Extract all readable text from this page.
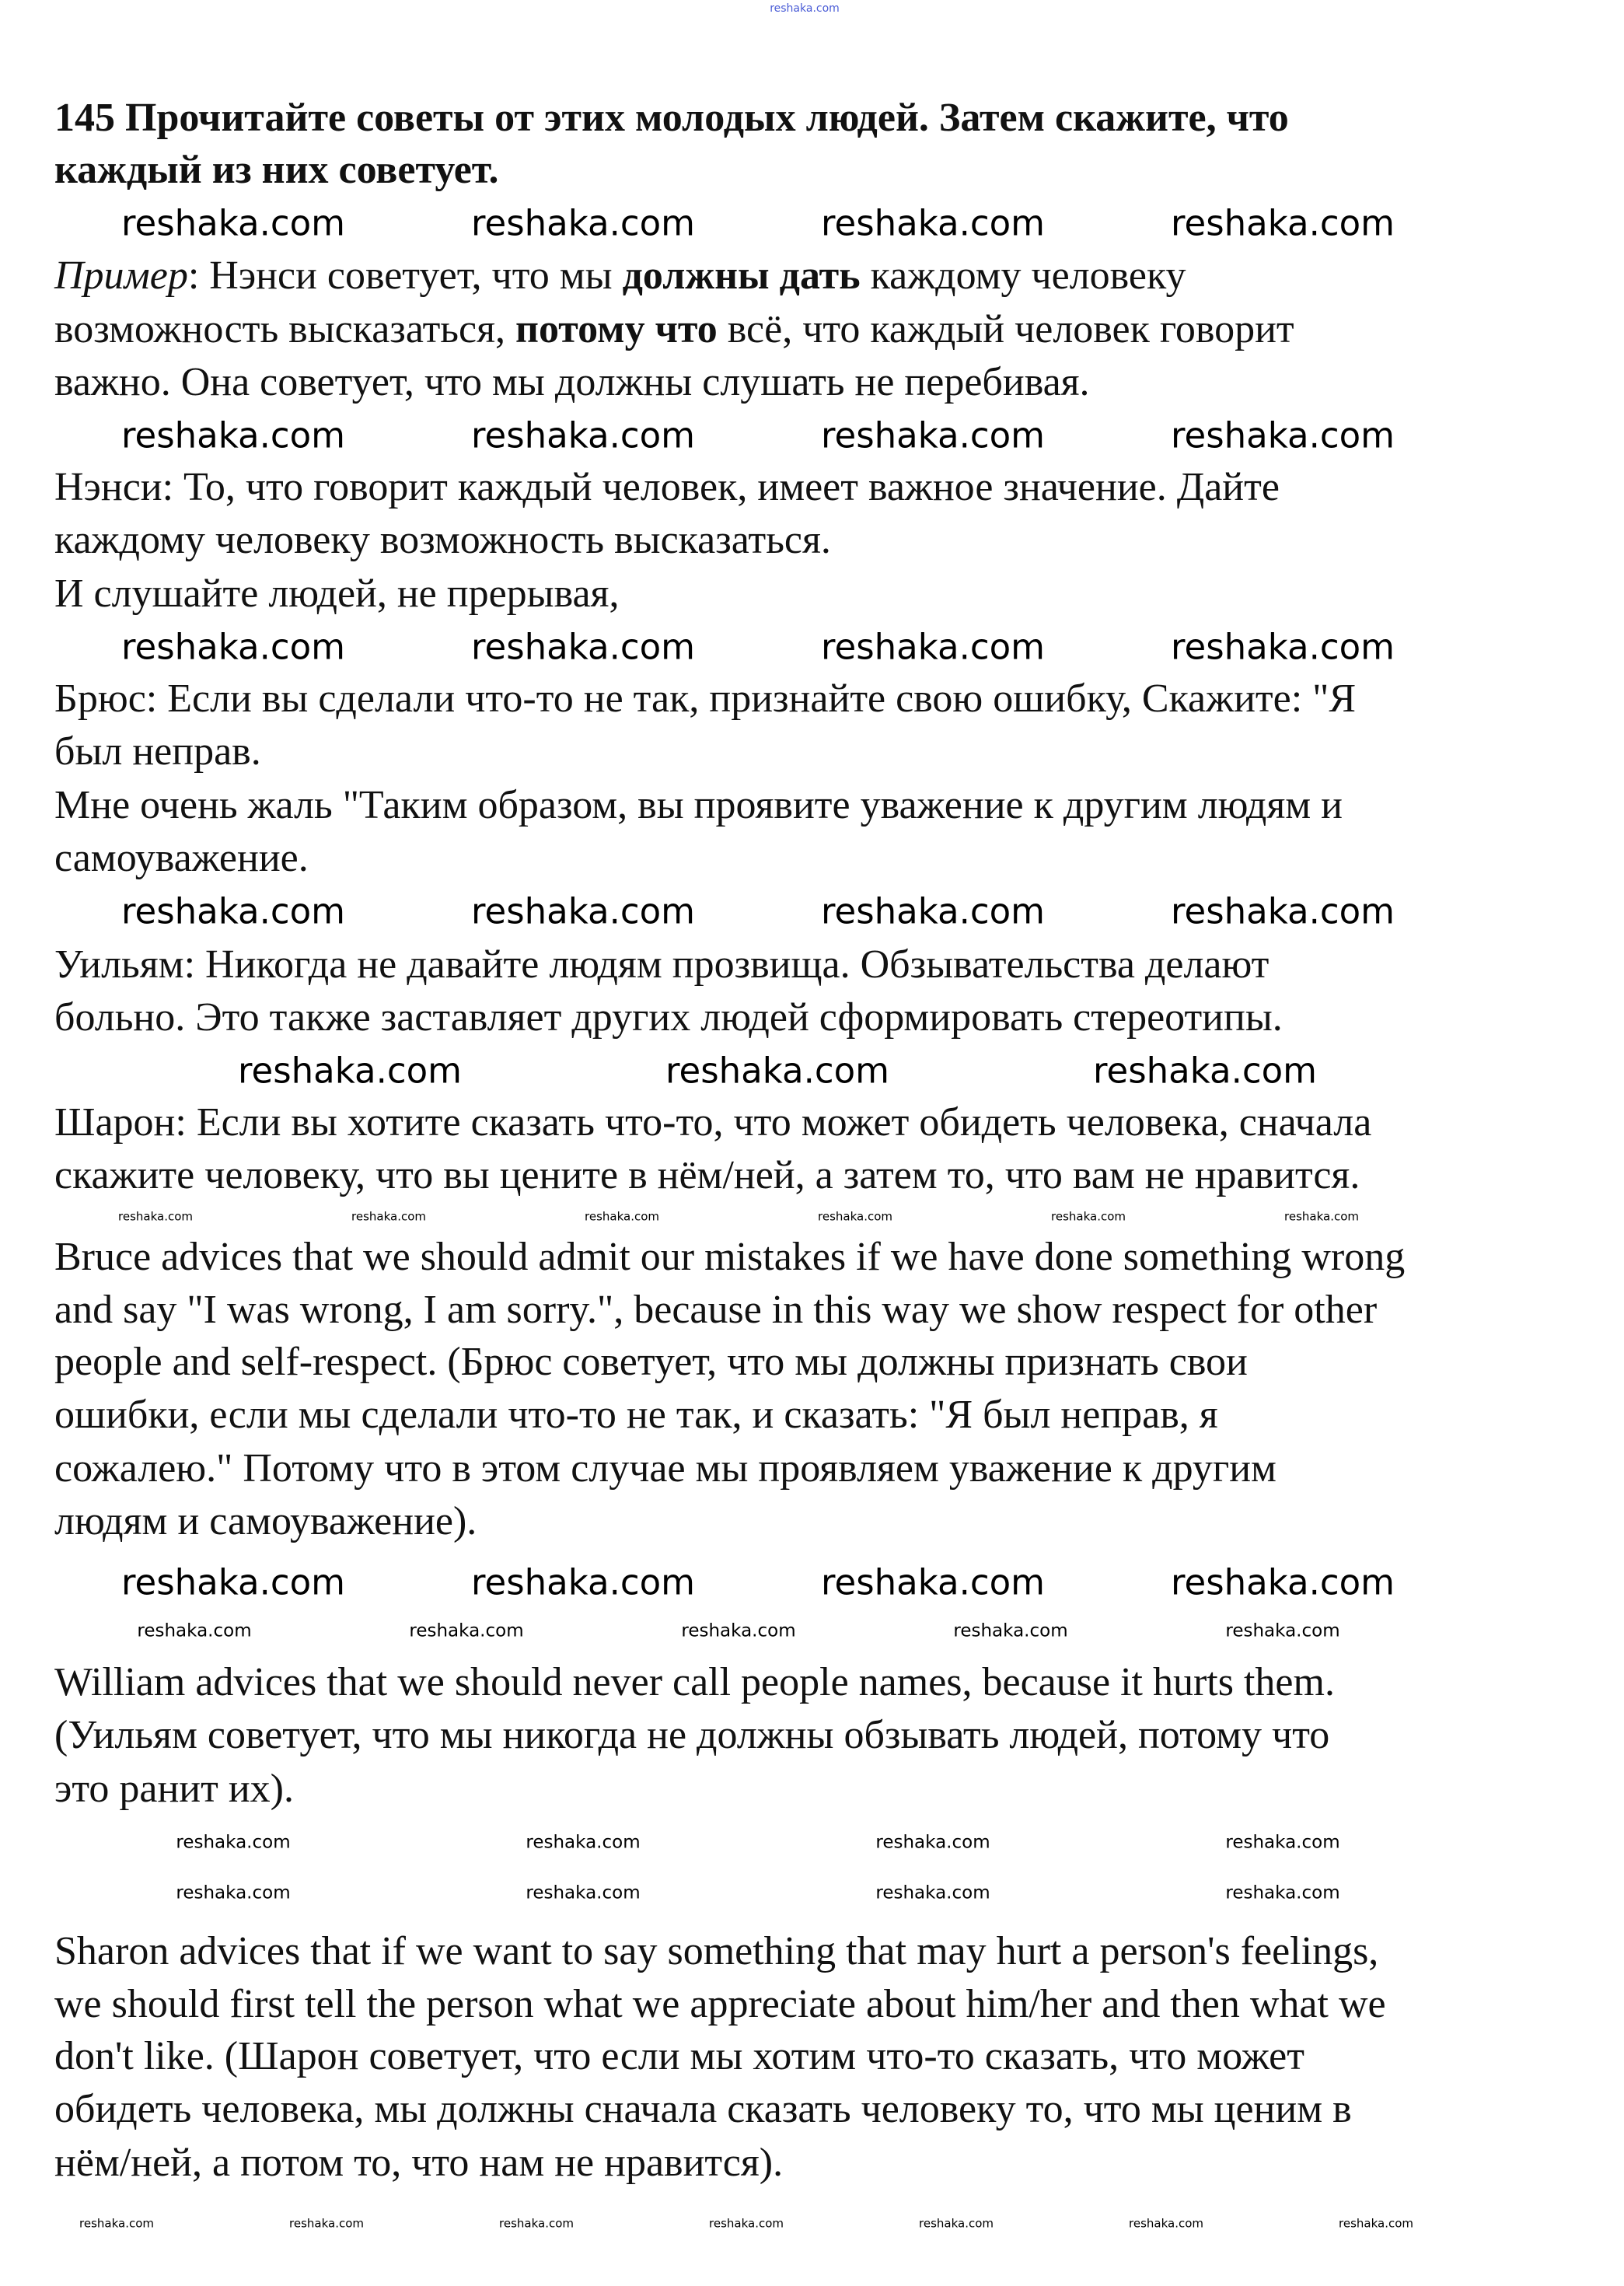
145 Прочитайте советы от этих молодых людей. Затем скажите, что
каждый из них советует.
Пример: Нэнси советует, что мы должны дать каждому человеку
возможность высказаться, потому что всё, что каждый человек говорит
важно. Она советует, что мы должны слушать не перебивая.
Нэнси: То, что говорит каждый человек, имеет важное значение. Дайте
каждому человеку возможность высказаться.
И слушайте людей, не прерывая,
Брюс: Если вы сделали что-то не так, признайте свою ошибку, Скажите: "Я
был неправ.
Мне очень жаль "Таким образом, вы проявите уважение к другим людям и
самоуважение.
Уильям: Никогда не давайте людям прозвища. Обзывательства делают
больно. Это также заставляет других людей сформировать стереотипы.
Шарон: Если вы хотите сказать что-то, что может обидеть человека, сначала
скажите человеку, что вы цените в нём/ней, а затем то, что вам не нравится.
Bruce advices that we should admit our mistakes if we have done something wrong
and say "I was wrong, I am sorry.", because in this way we show respect for other
people and self-respect. (Брюс советует, что мы должны признать свои
ошибки, если мы сделали что-то не так, и сказать: "Я был неправ, я
сожалею." Потому что в этом случае мы проявляем уважение к другим
людям и самоуважение).
William advices that we should never call people names, because it hurts them.
(Уильям советует, что мы никогда не должны обзывать людей, потому что
это ранит их).
Sharon advices that if we want to say something that may hurt a person's feelings,
we should first tell the person what we appreciate about him/her and then what we
don't like. (Шарон советует, что если мы хотим что-то сказать, что может
обидеть человека, мы должны сначала сказать человеку то, что мы ценим в
нём/ней, а потом то, что нам не нравится).
reshaka.com	reshaka.com	reshaka.com	reshaka.com
reshaka.com	reshaka.com	reshaka.com	reshaka.com
reshaka.com	reshaka.com	reshaka.com	reshaka.com
reshaka.com	reshaka.com	reshaka.com	reshaka.com
reshaka.com	reshaka.com	reshaka.com
reshaka.com	reshaka.com	reshaka.com	reshaka.com
reshaka.com	reshaka.com	reshaka.com	reshaka.com	reshaka.com
reshaka.com	reshaka.com	reshaka.com	reshaka.com
reshaka.com	reshaka.com	reshaka.com	reshaka.com
reshaka.com	reshaka.com	reshaka.com	reshaka.com	reshaka.com	reshaka.com
reshaka.com	reshaka.com	reshaka.com	reshaka.com	reshaka.com	reshaka.com	reshaka.com
reshaka.com
